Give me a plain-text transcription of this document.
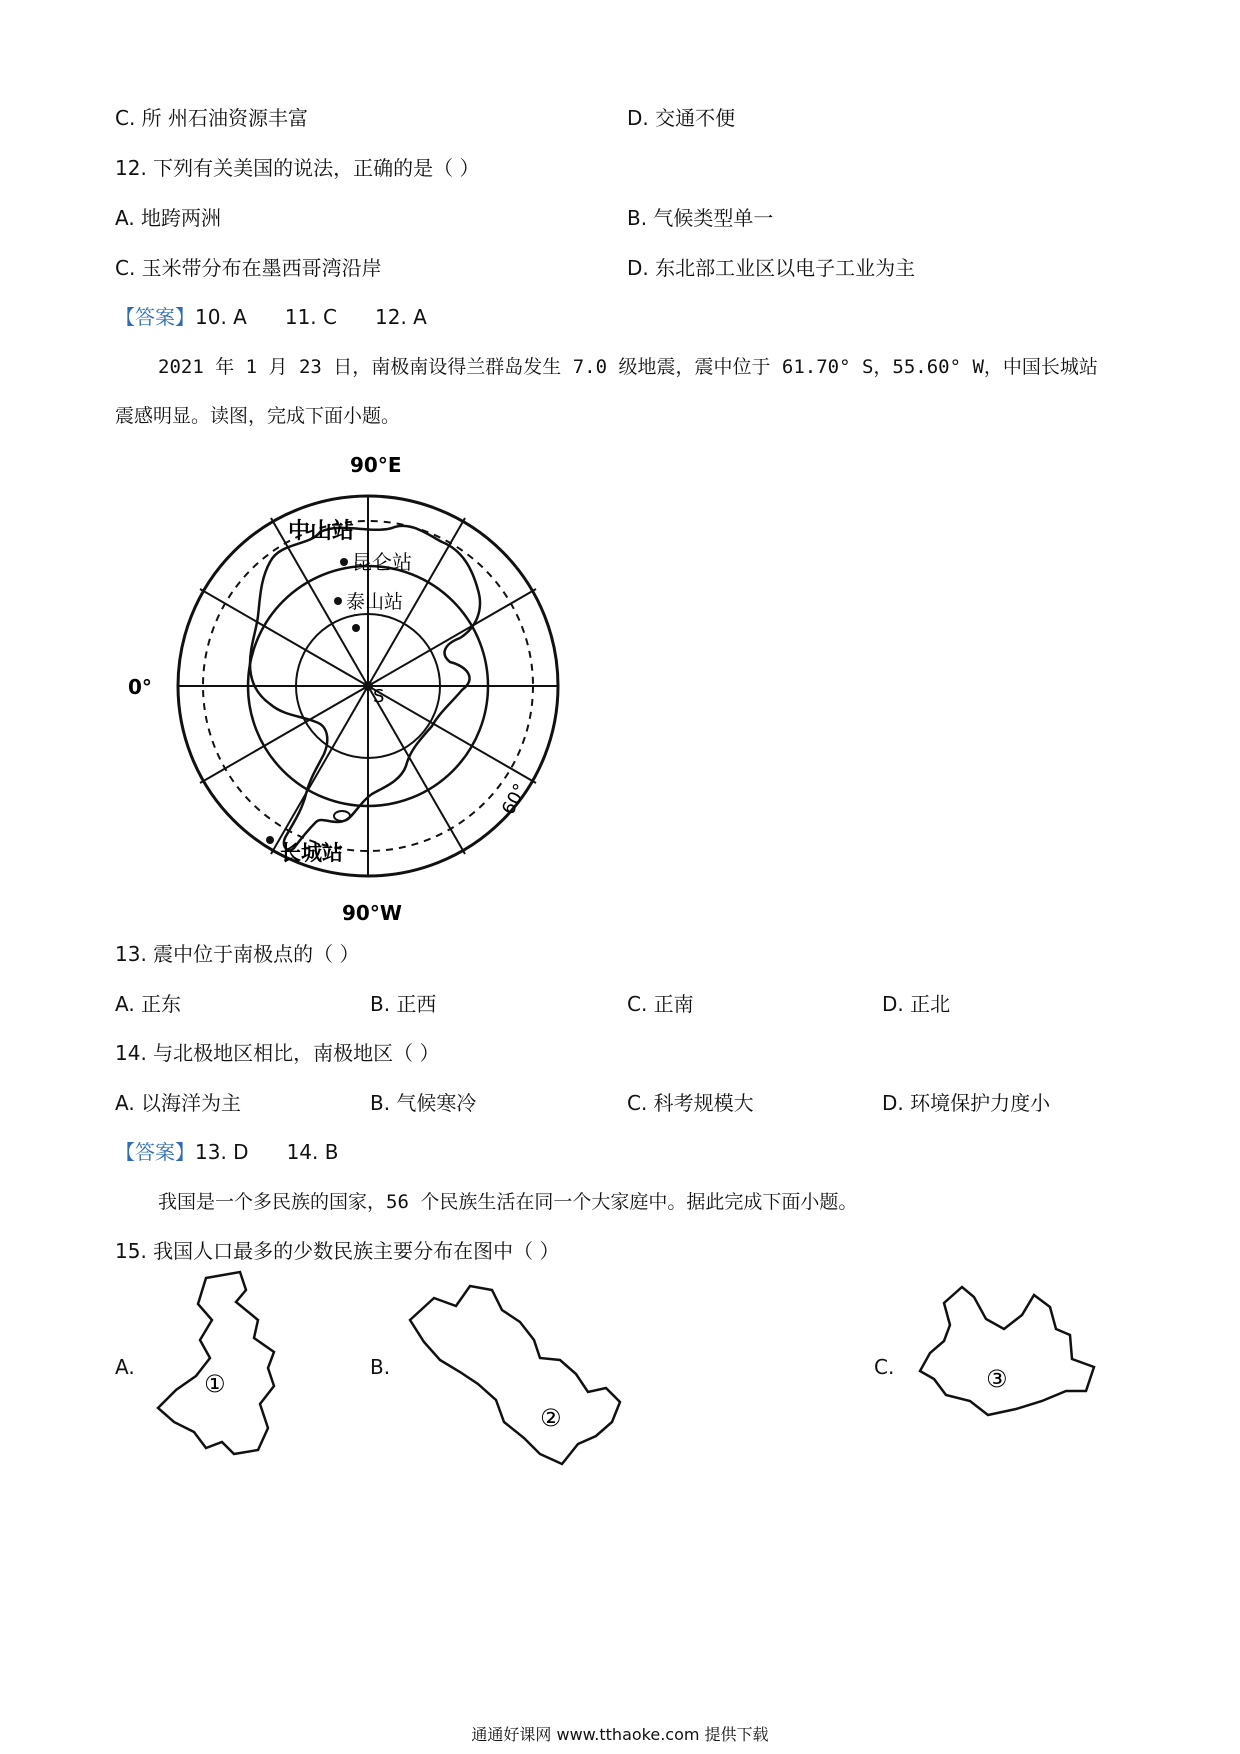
C. 所 州石油资源丰富	D. 交通不便
12. 下列有关美国的说法，正确的是（ ）
A. 地跨两洲	B. 气候类型单一
C. 玉米带分布在墨西哥湾沿岸	D. 东北部工业区以电子工业为主
【答案】10. A 11. C 12. A
2021 年 1 月 23 日，南极南设得兰群岛发生 7.0 级地震，震中位于 61.70° S，55.60° W，中国长城站
震感明显。读图，完成下面小题。
90°E
0°
90°W
60°
S
中山站
昆仑站
泰山站
长城站
13. 震中位于南极点的（ ）
A. 正东	B. 正西	C. 正南	D. 正北
14. 与北极地区相比，南极地区（ ）
A. 以海洋为主	B. 气候寒冷	C. 科考规模大	D. 环境保护力度小
【答案】13. D 14. B
我国是一个多民族的国家，56 个民族生活在同一个大家庭中。据此完成下面小题。
15. 我国人口最多的少数民族主要分布在图中（ ）
A.
①
B.
②
C.	③
通通好课网 www.tthaoke.com 提供下载
